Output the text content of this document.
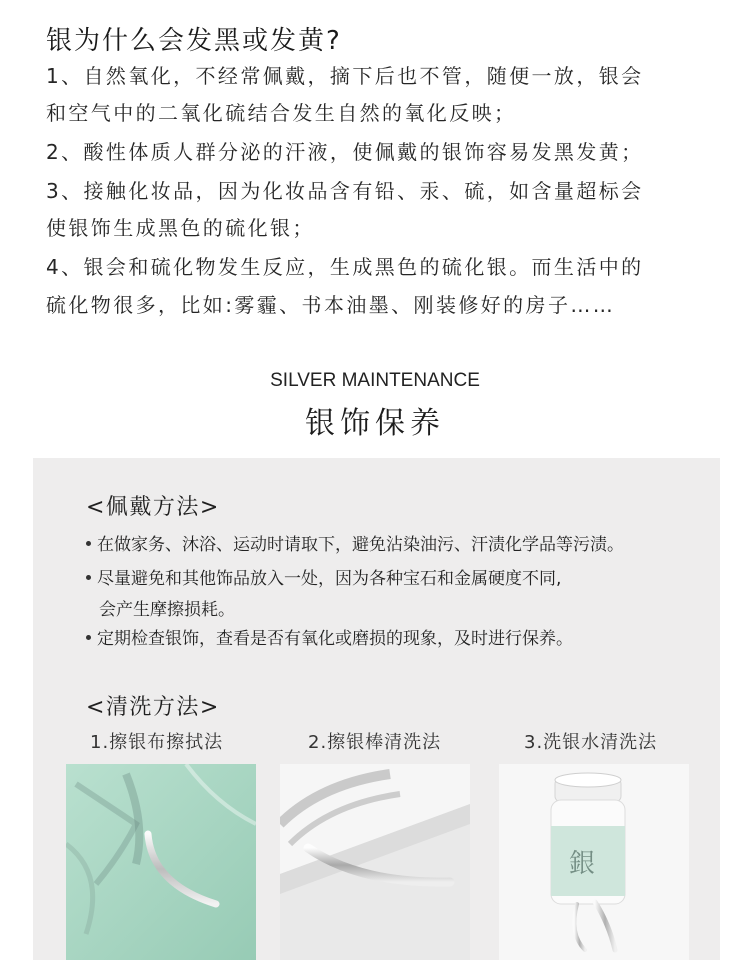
银为什么会发黑或发黄?
1、自然氧化，不经常佩戴，摘下后也不管，随便一放，银会
和空气中的二氧化硫结合发生自然的氧化反映；
2、酸性体质人群分泌的汗液，使佩戴的银饰容易发黑发黄；
3、接触化妆品，因为化妆品含有铅、汞、硫，如含量超标会
使银饰生成黑色的硫化银；
4、银会和硫化物发生反应，生成黑色的硫化银。而生活中的
硫化物很多，比如:雾霾、书本油墨、刚装修好的房子……
SILVER MAINTENANCE
银饰保养
<佩戴方法>
在做家务、沐浴、运动时请取下，避免沾染油污、汗渍化学品等污渍。
尽量避免和其他饰品放入一处，因为各种宝石和金属硬度不同,
会产生摩擦损耗。
定期检查银饰，查看是否有氧化或磨损的现象，及时进行保养。
<清洗方法>
1.擦银布擦拭法	2.擦银棒清洗法	3.洗银水清洗法
銀
